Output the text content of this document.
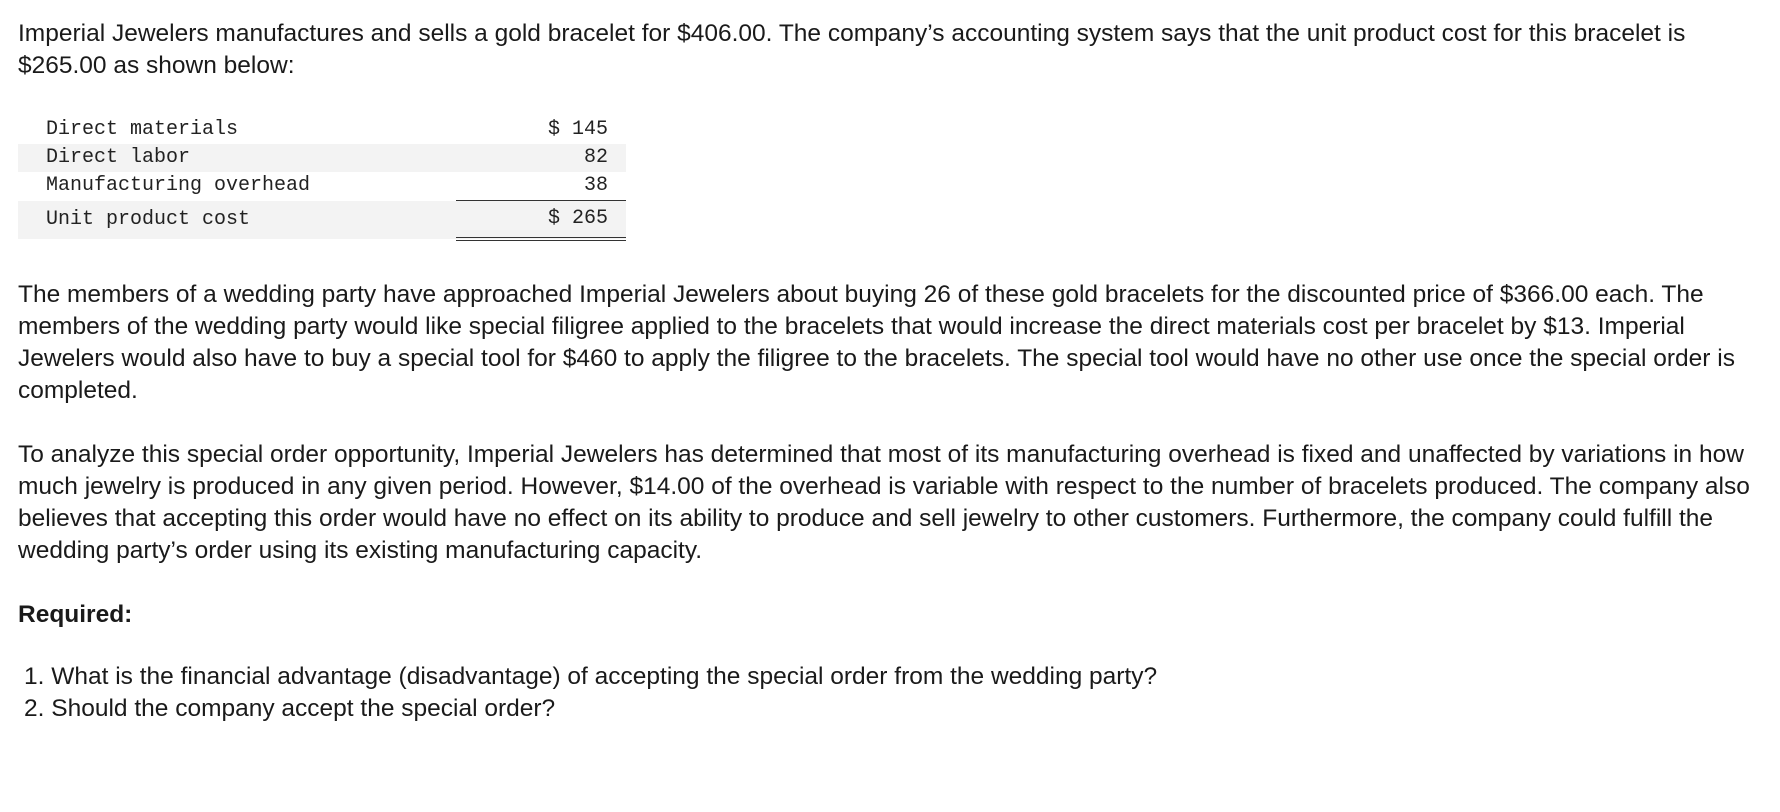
Imperial Jewelers manufactures and sells a gold bracelet for $406.00. The company’s accounting system says that the unit product cost for this bracelet is $265.00 as shown below:

Direct materials	$ 145
Direct labor	82
Manufacturing overhead	38
Unit product cost	$ 265

The members of a wedding party have approached Imperial Jewelers about buying 26 of these gold bracelets for the discounted price of $366.00 each. The members of the wedding party would like special filigree applied to the bracelets that would increase the direct materials cost per bracelet by $13. Imperial Jewelers would also have to buy a special tool for $460 to apply the filigree to the bracelets. The special tool would have no other use once the special order is completed.

To analyze this special order opportunity, Imperial Jewelers has determined that most of its manufacturing overhead is fixed and unaffected by variations in how much jewelry is produced in any given period. However, $14.00 of the overhead is variable with respect to the number of bracelets produced. The company also believes that accepting this order would have no effect on its ability to produce and sell jewelry to other customers. Furthermore, the company could fulfill the wedding party’s order using its existing manufacturing capacity.

Required:

1. What is the financial advantage (disadvantage) of accepting the special order from the wedding party?
2. Should the company accept the special order?
